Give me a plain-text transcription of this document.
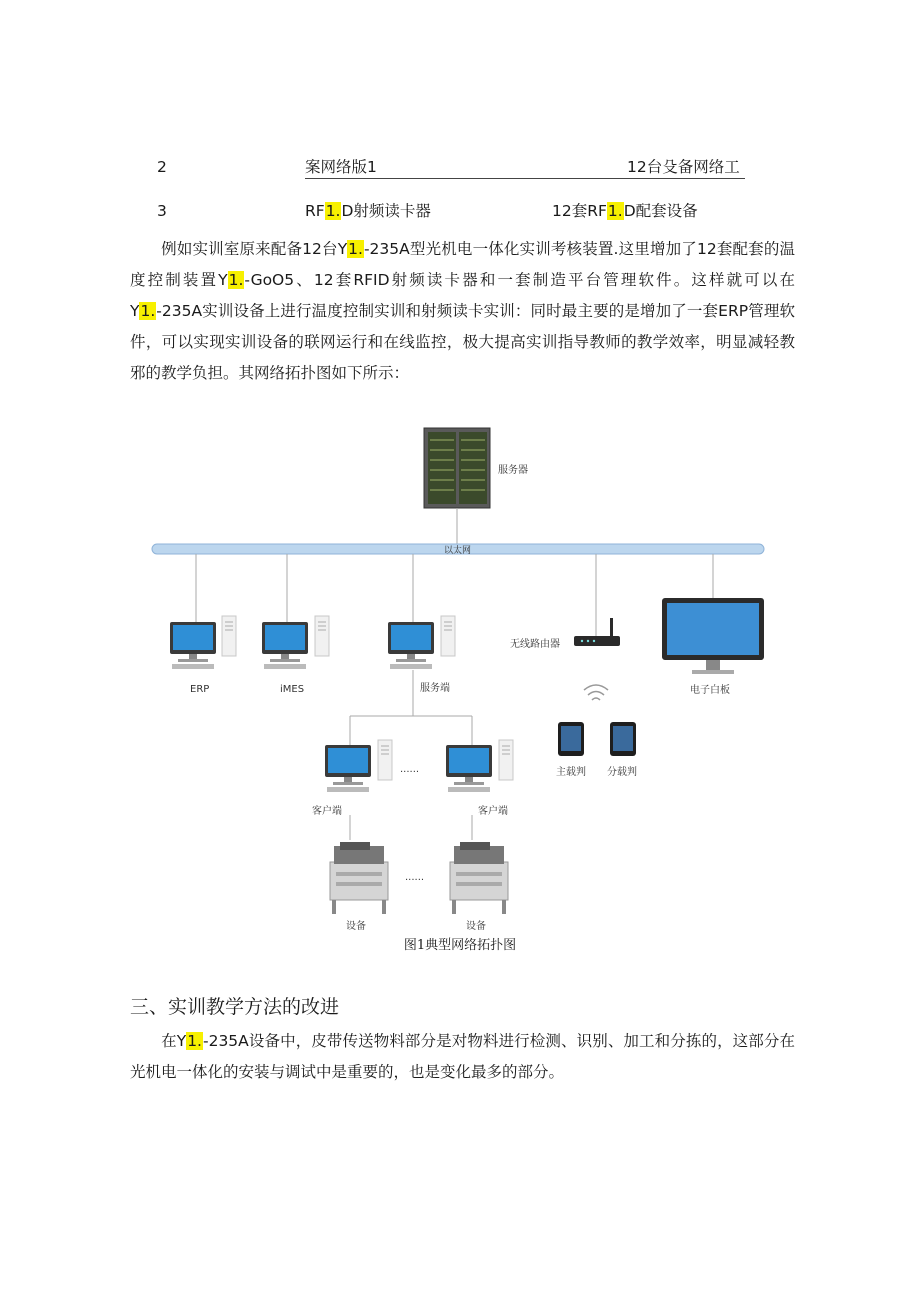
2	案网络版1	12台殳备网络工
3	RF1.D射频读卡器	12套RF1.D配套设备
例如实训室原来配备12台Y1.-235A型光机电一体化实训考核装置.这里增加了12套配套的温度控制装置Y1.-GoO5、12套RFID射频读卡器和一套制造平台管理软件。这样就可以在Y1.-235A实训设备上进行温度控制实训和射频读卡实训：同时最主要的是增加了一套ERP管理软件，可以实现实训设备的联网运行和在线监控，极大提高实训指导教师的教学效率，明显减轻教邪的教学负担。其网络拓扑图如下所示：
服务器
以太网
ERP	iMES	服务端
无线路由器
主载判 分载判
电子白板
......
客户端	客户端
......
设备	设备
图1典型网络拓扑图
三、实训教学方法的改进
在Y1.-235A设备中，皮带传送物料部分是对物料进行检测、识别、加工和分拣的，这部分在光机电一体化的安装与调试中是重要的，也是变化最多的部分。
